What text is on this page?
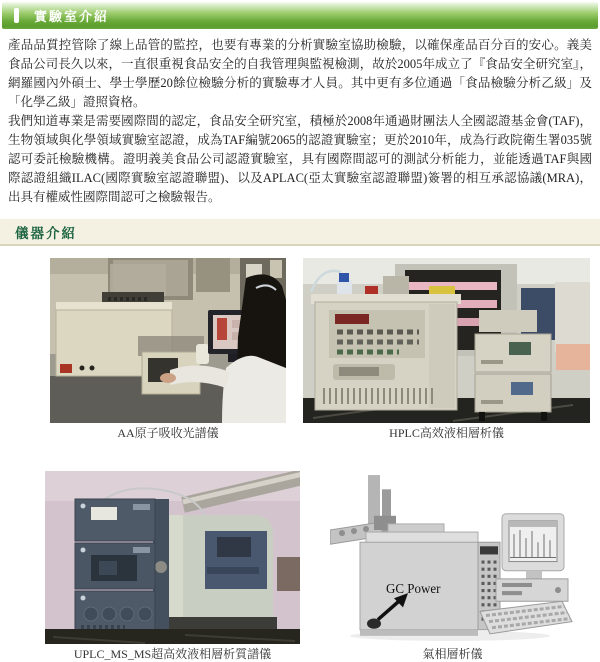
實驗室介紹

產品品質控管除了線上品管的監控，也要有專業的分析實驗室協助檢驗，以確保產品百分百的安心。義美食品公司長久以來，一直很重視食品安全的自我管理與監視檢測，故於2005年成立了『食品安全研究室』，網羅國內外碩士、學士學歷20餘位檢驗分析的實驗專才人員。其中更有多位通過「食品檢驗分析乙級」及「化學乙級」證照資格。

我們知道專業是需要國際間的認定，食品安全研究室，積極於2008年通過財團法人全國認證基金會(TAF)，生物領域與化學領域實驗室認證，成為TAF編號2065的認證實驗室；更於2010年，成為行政院衛生署035號認可委託檢驗機構。證明義美食品公司認證實驗室，具有國際間認可的測試分析能力，並能透過TAF與國際認證組織ILAC(國際實驗室認證聯盟)、以及APLAC(亞太實驗室認證聯盟)簽署的相互承認協議(MRA)，出具有權威性國際間認可之檢驗報告。

儀器介紹
AA原子吸收光譜儀	HPLC高效液相層析儀
UPLC_MS_MS超高效液相層析質譜儀
GC Power
氣相層析儀
